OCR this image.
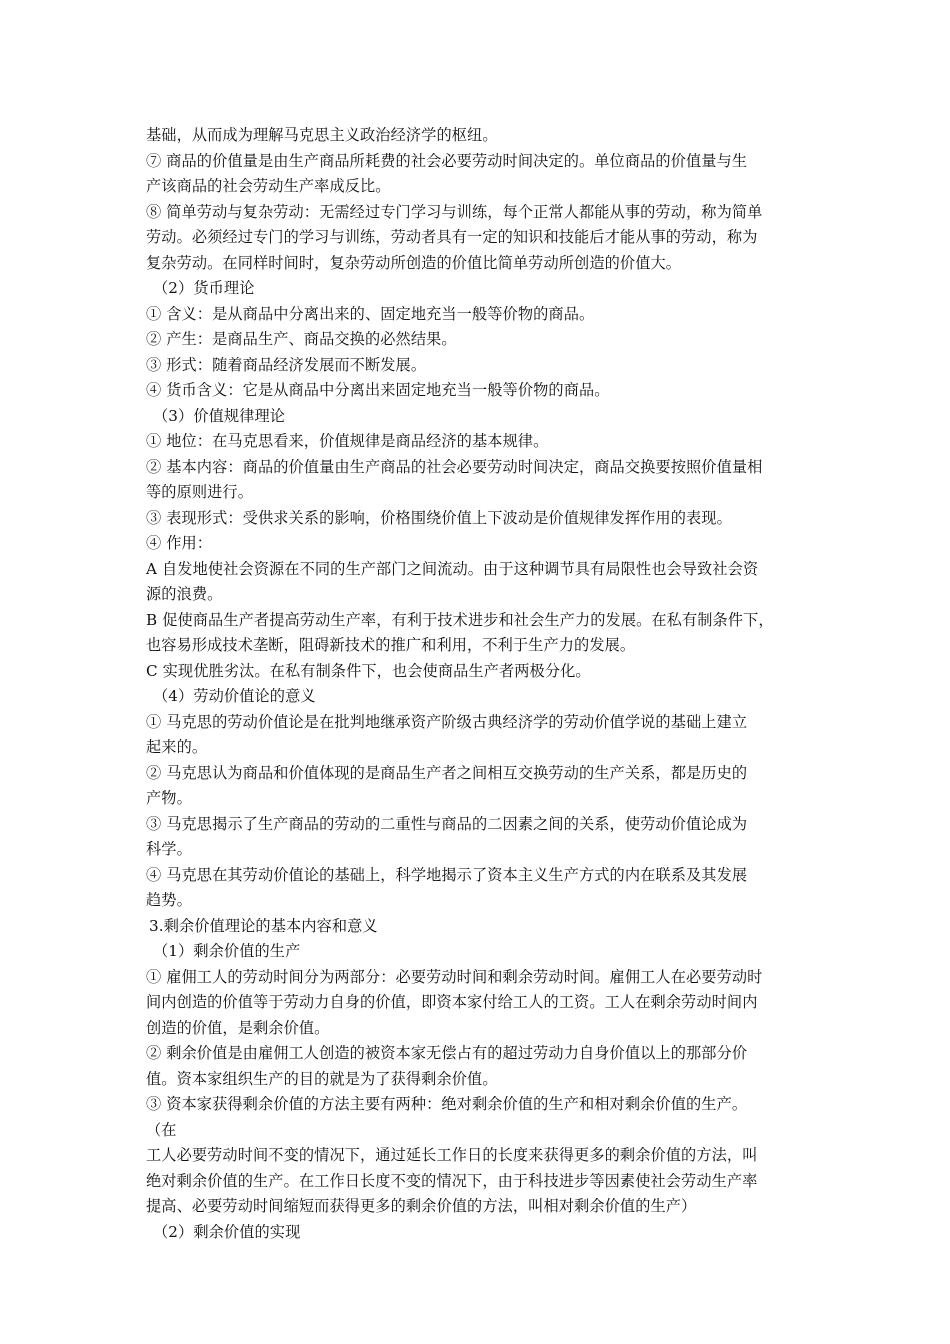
基础，从而成为理解马克思主义政治经济学的枢纽。
⑦ 商品的价值量是由生产商品所耗费的社会必要劳动时间决定的。单位商品的价值量与生
产该商品的社会劳动生产率成反比。
⑧ 简单劳动与复杂劳动：无需经过专门学习与训练，每个正常人都能从事的劳动，称为简单
劳动。必须经过专门的学习与训练，劳动者具有一定的知识和技能后才能从事的劳动，称为
复杂劳动。在同样时间时，复杂劳动所创造的价值比简单劳动所创造的价值大。
（2）货币理论
① 含义：是从商品中分离出来的、固定地充当一般等价物的商品。
② 产生：是商品生产、商品交换的必然结果。
③ 形式：随着商品经济发展而不断发展。
④ 货币含义：它是从商品中分离出来固定地充当一般等价物的商品。
（3）价值规律理论
① 地位：在马克思看来，价值规律是商品经济的基本规律。
② 基本内容：商品的价值量由生产商品的社会必要劳动时间决定，商品交换要按照价值量相
等的原则进行。
③ 表现形式：受供求关系的影响，价格围绕价值上下波动是价值规律发挥作用的表现。
④ 作用：
A 自发地使社会资源在不同的生产部门之间流动。由于这种调节具有局限性也会导致社会资
源的浪费。
B 促使商品生产者提高劳动生产率，有利于技术进步和社会生产力的发展。在私有制条件下，
也容易形成技术垄断，阻碍新技术的推广和利用，不利于生产力的发展。
C 实现优胜劣汰。在私有制条件下，也会使商品生产者两极分化。
（4）劳动价值论的意义
① 马克思的劳动价值论是在批判地继承资产阶级古典经济学的劳动价值学说的基础上建立
起来的。
② 马克思认为商品和价值体现的是商品生产者之间相互交换劳动的生产关系，都是历史的
产物。
③ 马克思揭示了生产商品的劳动的二重性与商品的二因素之间的关系，使劳动价值论成为
科学。
④ 马克思在其劳动价值论的基础上，科学地揭示了资本主义生产方式的内在联系及其发展
趋势。
3.剩余价值理论的基本内容和意义
（1）剩余价值的生产
① 雇佣工人的劳动时间分为两部分：必要劳动时间和剩余劳动时间。雇佣工人在必要劳动时
间内创造的价值等于劳动力自身的价值，即资本家付给工人的工资。工人在剩余劳动时间内
创造的价值，是剩余价值。
② 剩余价值是由雇佣工人创造的被资本家无偿占有的超过劳动力自身价值以上的那部分价
值。资本家组织生产的目的就是为了获得剩余价值。
③ 资本家获得剩余价值的方法主要有两种：绝对剩余价值的生产和相对剩余价值的生产。
（在
工人必要劳动时间不变的情况下，通过延长工作日的长度来获得更多的剩余价值的方法，叫
绝对剩余价值的生产。在工作日长度不变的情况下，由于科技进步等因素使社会劳动生产率
提高、必要劳动时间缩短而获得更多的剩余价值的方法，叫相对剩余价值的生产）
（2）剩余价值的实现
